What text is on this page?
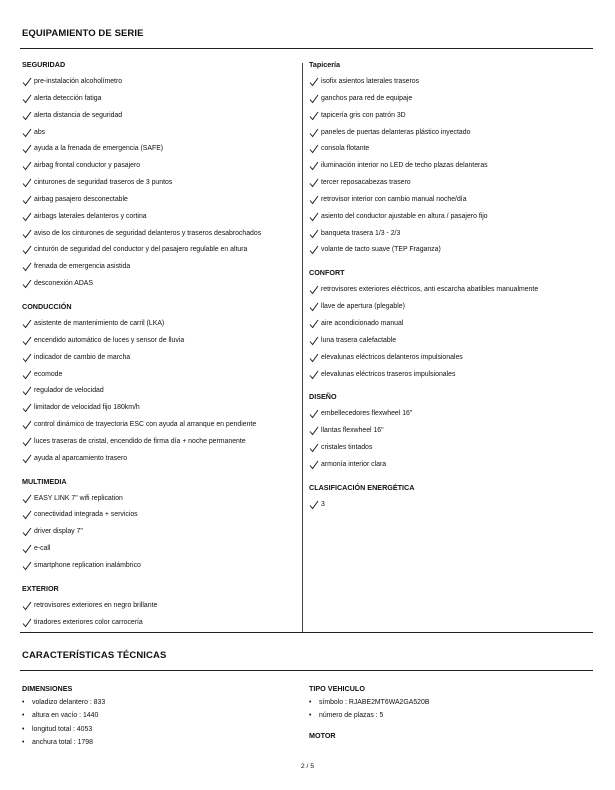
EQUIPAMIENTO DE SERIE
SEGURIDAD
pre-instalación alcoholímetro
alerta detección fatiga
alerta distancia de seguridad
abs
ayuda a la frenada de emergencia (SAFE)
airbag frontal conductor y pasajero
cinturones de seguridad traseros de 3 puntos
airbag pasajero desconectable
airbags laterales delanteros y cortina
aviso de los cinturones de seguridad delanteros y traseros desabrochados
cinturón de seguridad del conductor y del pasajero regulable en altura
frenada de emergencia asistida
desconexión ADAS
CONDUCCIÓN
asistente de mantenimiento de carril (LKA)
encendido automático de luces y sensor de lluvia
indicador de cambio de marcha
ecomode
regulador de velocidad
limitador de velocidad fijo 180km/h
control dinámico de trayectoria ESC con ayuda al arranque en pendiente
luces traseras de cristal, encendido de firma día + noche permanente
ayuda al aparcamiento trasero
MULTIMEDIA
EASY LINK 7" wifi replication
conectividad integrada + servicios
driver display 7"
e-call
smartphone replication inalámbrico
EXTERIOR
retrovisores exteriores en negro brillante
tiradores exteriores color carrocería
Tapicería
isofix asientos laterales traseros
ganchos para red de equipaje
tapicería gris con patrón 3D
paneles de puertas delanteras plástico inyectado
consola flotante
iluminación interior no LED de techo plazas delanteras
tercer reposacabezas trasero
retrovisor interior con cambio manual noche/día
asiento del conductor ajustable en altura / pasajero fijo
banqueta trasera 1/3 - 2/3
volante de tacto suave (TEP Fraganza)
CONFORT
retrovisores exteriores eléctricos, anti escarcha abatibles manualmente
llave de apertura (plegable)
aire acondicionado manual
luna trasera calefactable
elevalunas eléctricos delanteros impulsionales
elevalunas eléctricos traseros impulsionales
DISEÑO
embellecedores flexwheel 16"
llantas flexwheel 16"
cristales tintados
armonía interior clara
CLASIFICACIÓN ENERGÉTICA
3
CARACTERÍSTICAS TÉCNICAS
DIMENSIONES
•	voladizo delantero : 833
•	altura en vacío : 1440
•	longitud total : 4053
•	anchura total : 1798
TIPO VEHICULO
•	símbolo : RJABE2MT6WA2GA520B
•	número de plazas : 5
MOTOR
2 / 5
